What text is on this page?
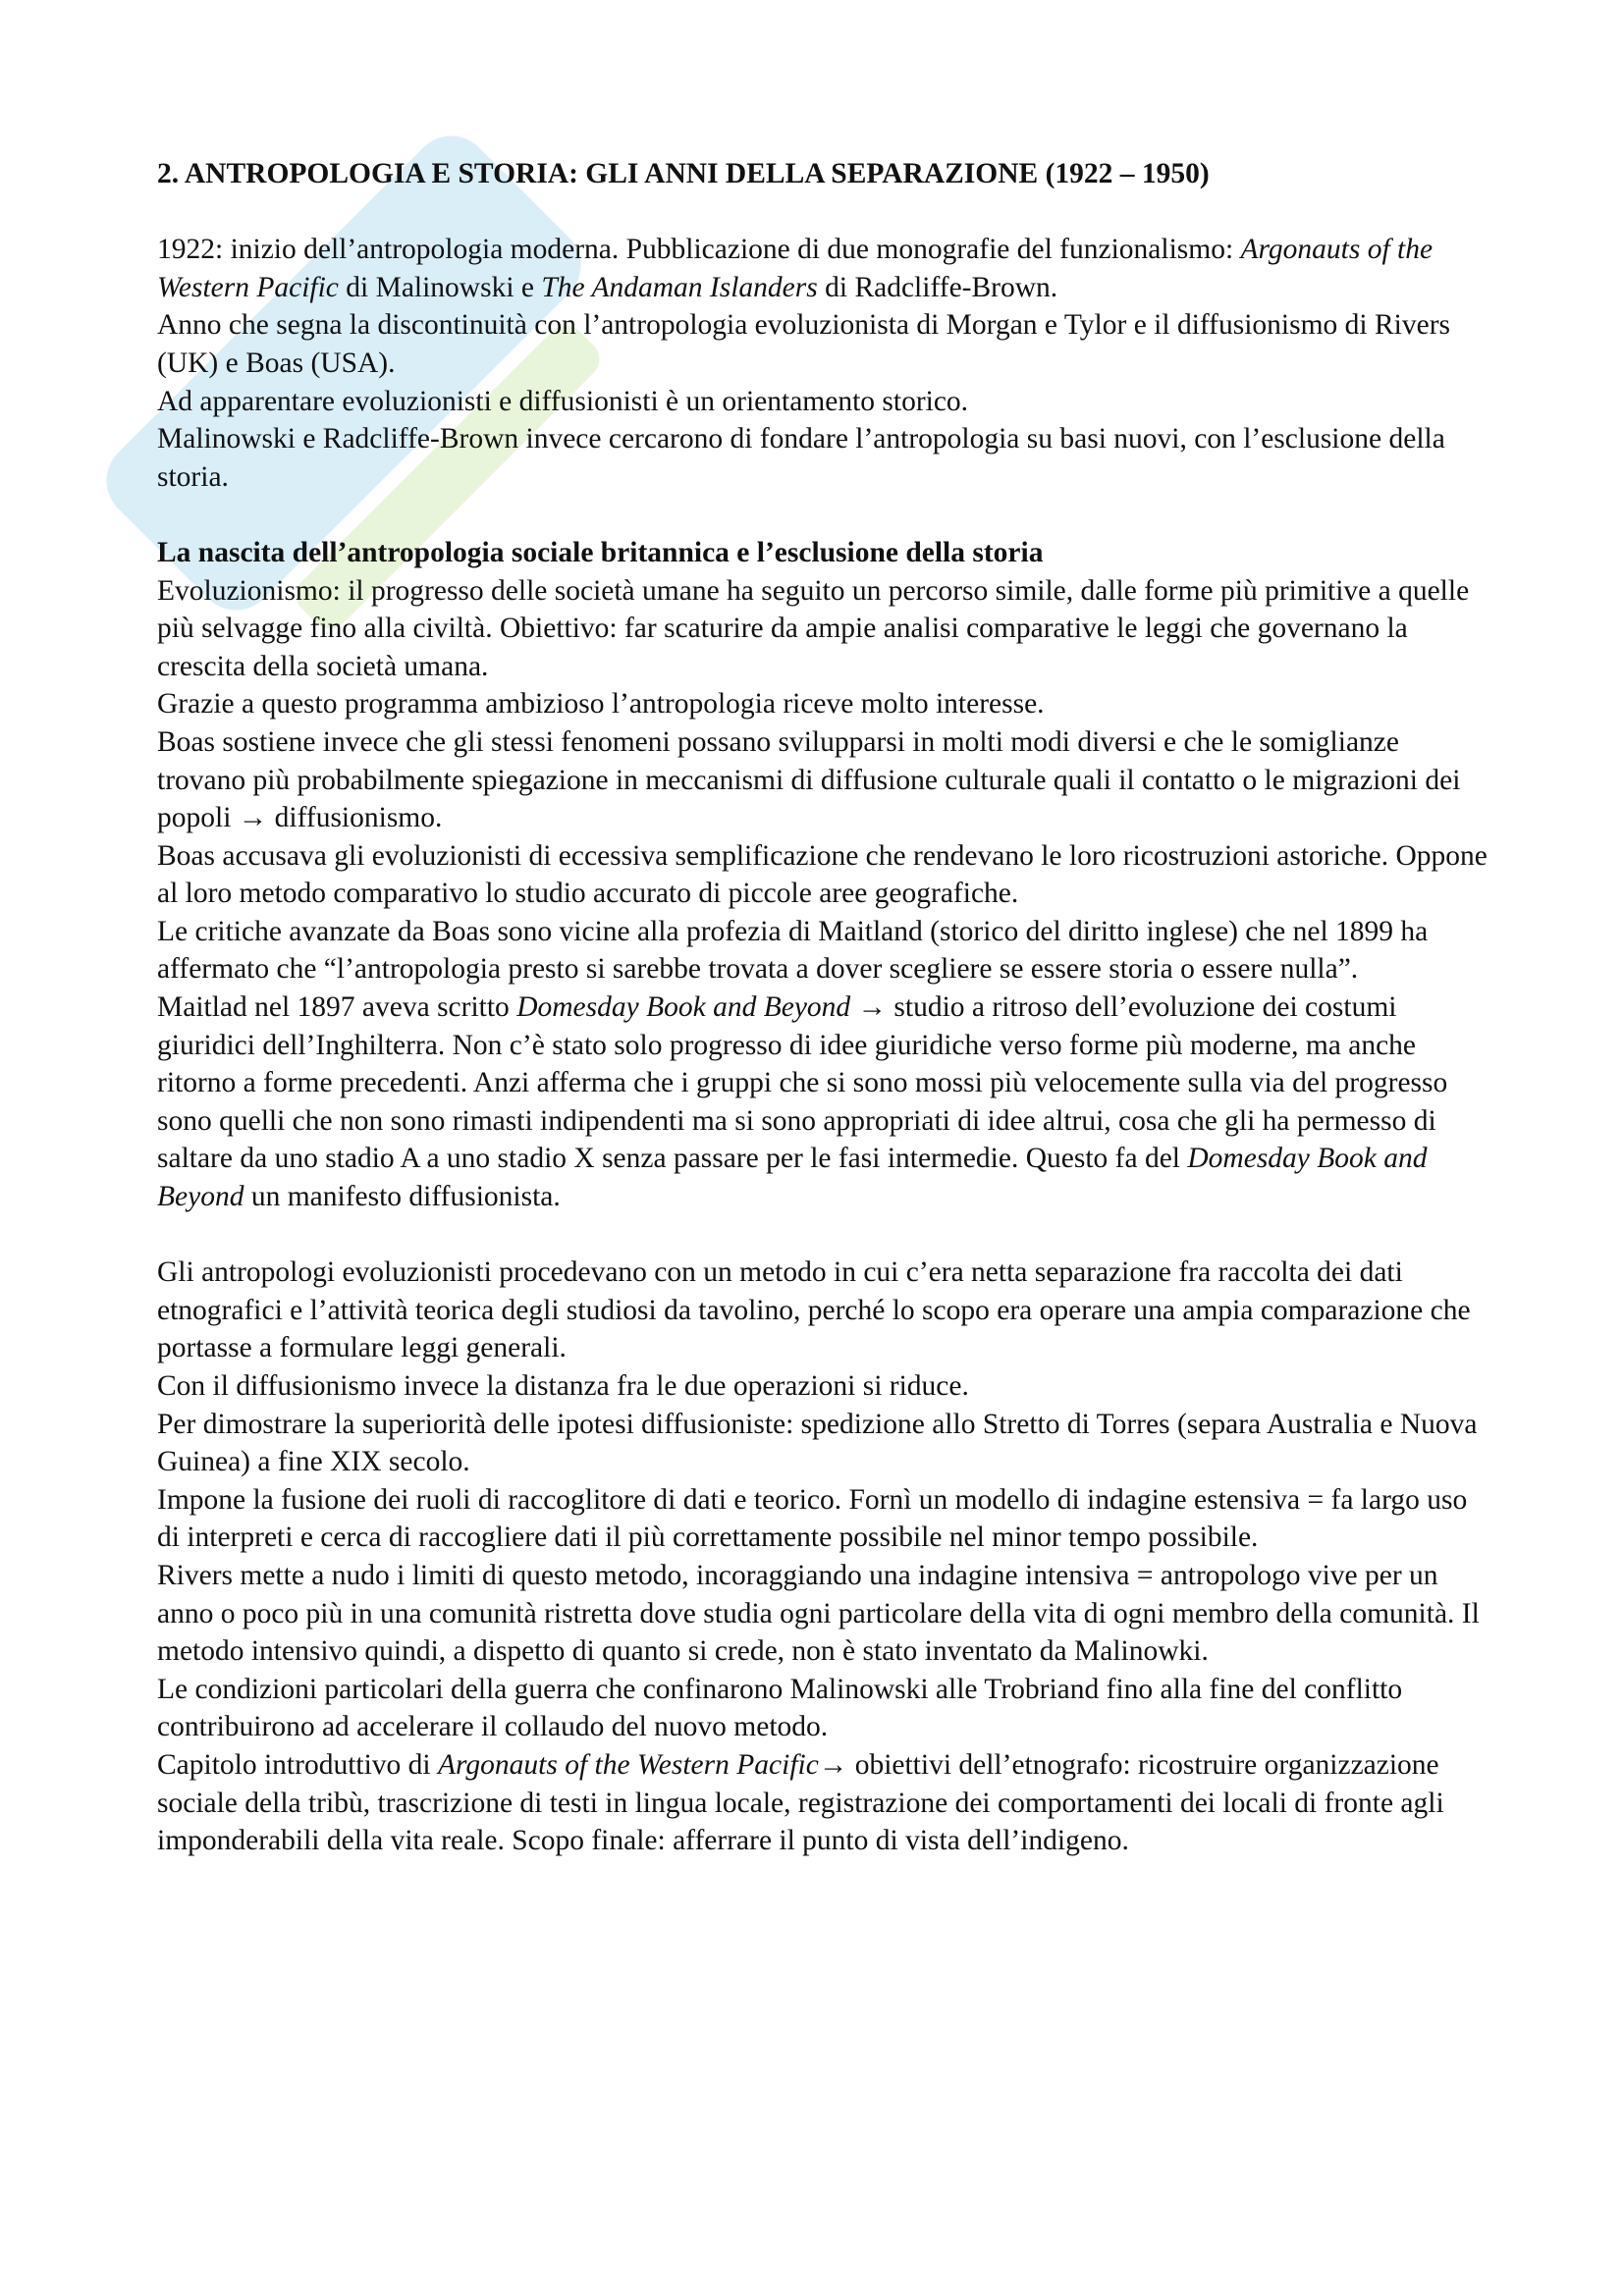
2. ANTROPOLOGIA E STORIA: GLI ANNI DELLA SEPARAZIONE (1922 – 1950)

1922: inizio dell’antropologia moderna. Pubblicazione di due monografie del funzionalismo: Argonauts of the Western Pacific di Malinowski e The Andaman Islanders di Radcliffe-Brown.

Anno che segna la discontinuità con l’antropologia evoluzionista di Morgan e Tylor e il diffusionismo di Rivers (UK) e Boas (USA).

Ad apparentare evoluzionisti e diffusionisti è un orientamento storico.

Malinowski e Radcliffe-Brown invece cercarono di fondare l’antropologia su basi nuovi, con l’esclusione della storia.

La nascita dell’antropologia sociale britannica e l’esclusione della storia

Evoluzionismo: il progresso delle società umane ha seguito un percorso simile, dalle forme più primitive a quelle più selvagge fino alla civiltà. Obiettivo: far scaturire da ampie analisi comparative le leggi che governano la crescita della società umana.

Grazie a questo programma ambizioso l’antropologia riceve molto interesse.

Boas sostiene invece che gli stessi fenomeni possano svilupparsi in molti modi diversi e che le somiglianze trovano più probabilmente spiegazione in meccanismi di diffusione culturale quali il contatto o le migrazioni dei popoli → diffusionismo.

Boas accusava gli evoluzionisti di eccessiva semplificazione che rendevano le loro ricostruzioni astoriche. Oppone al loro metodo comparativo lo studio accurato di piccole aree geografiche.

Le critiche avanzate da Boas sono vicine alla profezia di Maitland (storico del diritto inglese) che nel 1899 ha affermato che “l’antropologia presto si sarebbe trovata a dover scegliere se essere storia o essere nulla”.

Maitlad nel 1897 aveva scritto Domesday Book and Beyond → studio a ritroso dell’evoluzione dei costumi giuridici dell’Inghilterra. Non c’è stato solo progresso di idee giuridiche verso forme più moderne, ma anche ritorno a forme precedenti. Anzi afferma che i gruppi che si sono mossi più velocemente sulla via del progresso sono quelli che non sono rimasti indipendenti ma si sono appropriati di idee altrui, cosa che gli ha permesso di saltare da uno stadio A a uno stadio X senza passare per le fasi intermedie. Questo fa del Domesday Book and Beyond un manifesto diffusionista.

Gli antropologi evoluzionisti procedevano con un metodo in cui c’era netta separazione fra raccolta dei dati etnografici e l’attività teorica degli studiosi da tavolino, perché lo scopo era operare una ampia comparazione che portasse a formulare leggi generali.

Con il diffusionismo invece la distanza fra le due operazioni si riduce.

Per dimostrare la superiorità delle ipotesi diffusioniste: spedizione allo Stretto di Torres (separa Australia e Nuova Guinea) a fine XIX secolo.

Impone la fusione dei ruoli di raccoglitore di dati e teorico. Fornì un modello di indagine estensiva = fa largo uso di interpreti e cerca di raccogliere dati il più correttamente possibile nel minor tempo possibile.

Rivers mette a nudo i limiti di questo metodo, incoraggiando una indagine intensiva = antropologo vive per un anno o poco più in una comunità ristretta dove studia ogni particolare della vita di ogni membro della comunità. Il metodo intensivo quindi, a dispetto di quanto si crede, non è stato inventato da Malinowki.

Le condizioni particolari della guerra che confinarono Malinowski alle Trobriand fino alla fine del conflitto contribuirono ad accelerare il collaudo del nuovo metodo.

Capitolo introduttivo di Argonauts of the Western Pacific→ obiettivi dell’etnografo: ricostruire organizzazione sociale della tribù, trascrizione di testi in lingua locale, registrazione dei comportamenti dei locali di fronte agli imponderabili della vita reale. Scopo finale: afferrare il punto di vista dell’indigeno.
